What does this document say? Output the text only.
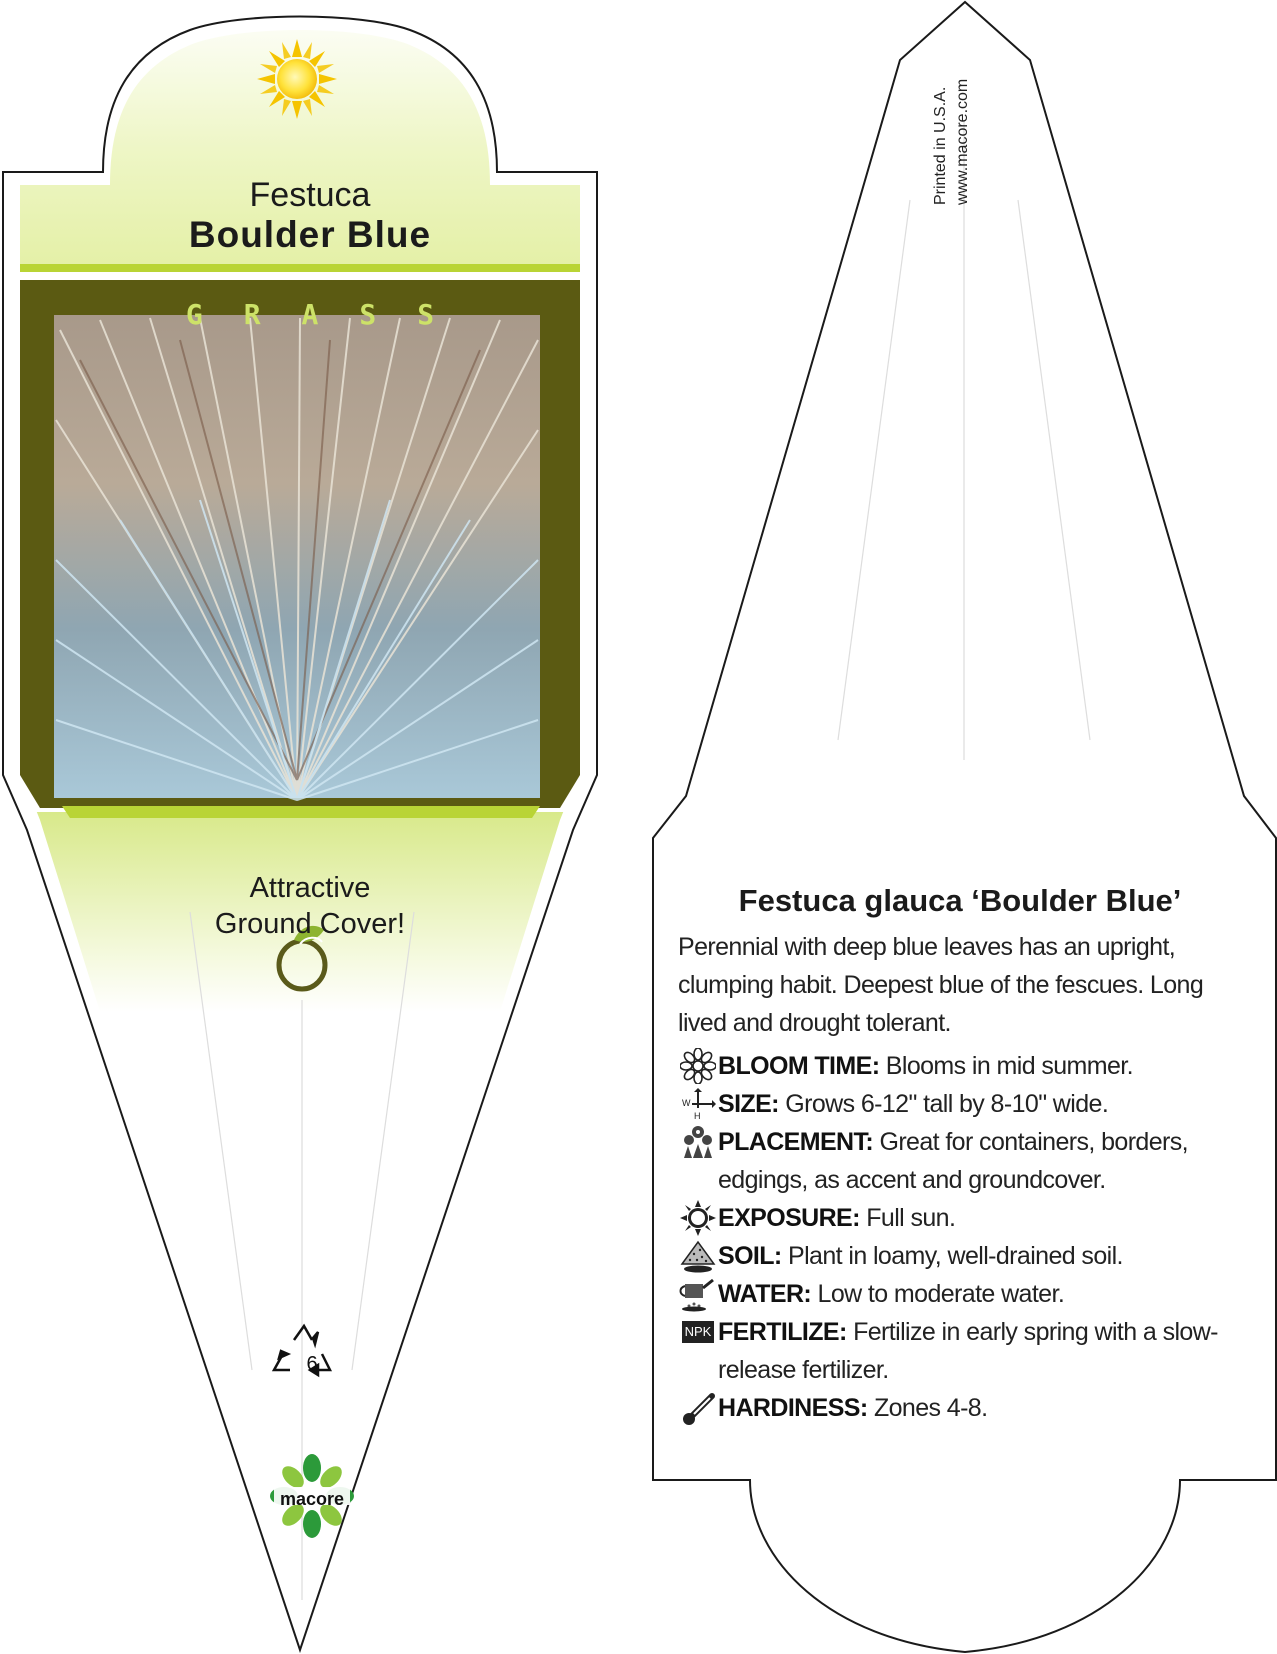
Festuca
Boulder Blue
GRASS
Attractive
Ground Cover!
6
macore
Printed in U.S.A. www.macore.com
Festuca glauca ‘Boulder Blue’
Perennial with deep blue leaves has an upright, clumping habit. Deepest blue of the fescues. Long lived and drought tolerant.
BLOOM TIME: Blooms in mid summer.
W
H SIZE: Grows 6-12" tall by 8-10" wide.
PLACEMENT: Great for containers, borders, edgings, as accent and groundcover.
EXPOSURE: Full sun.
SOIL: Plant in loamy, well-drained soil.
WATER: Low to moderate water.
NPK FERTILIZE: Fertilize in early spring with a slow-release fertilizer.
HARDINESS: Zones 4-8.
